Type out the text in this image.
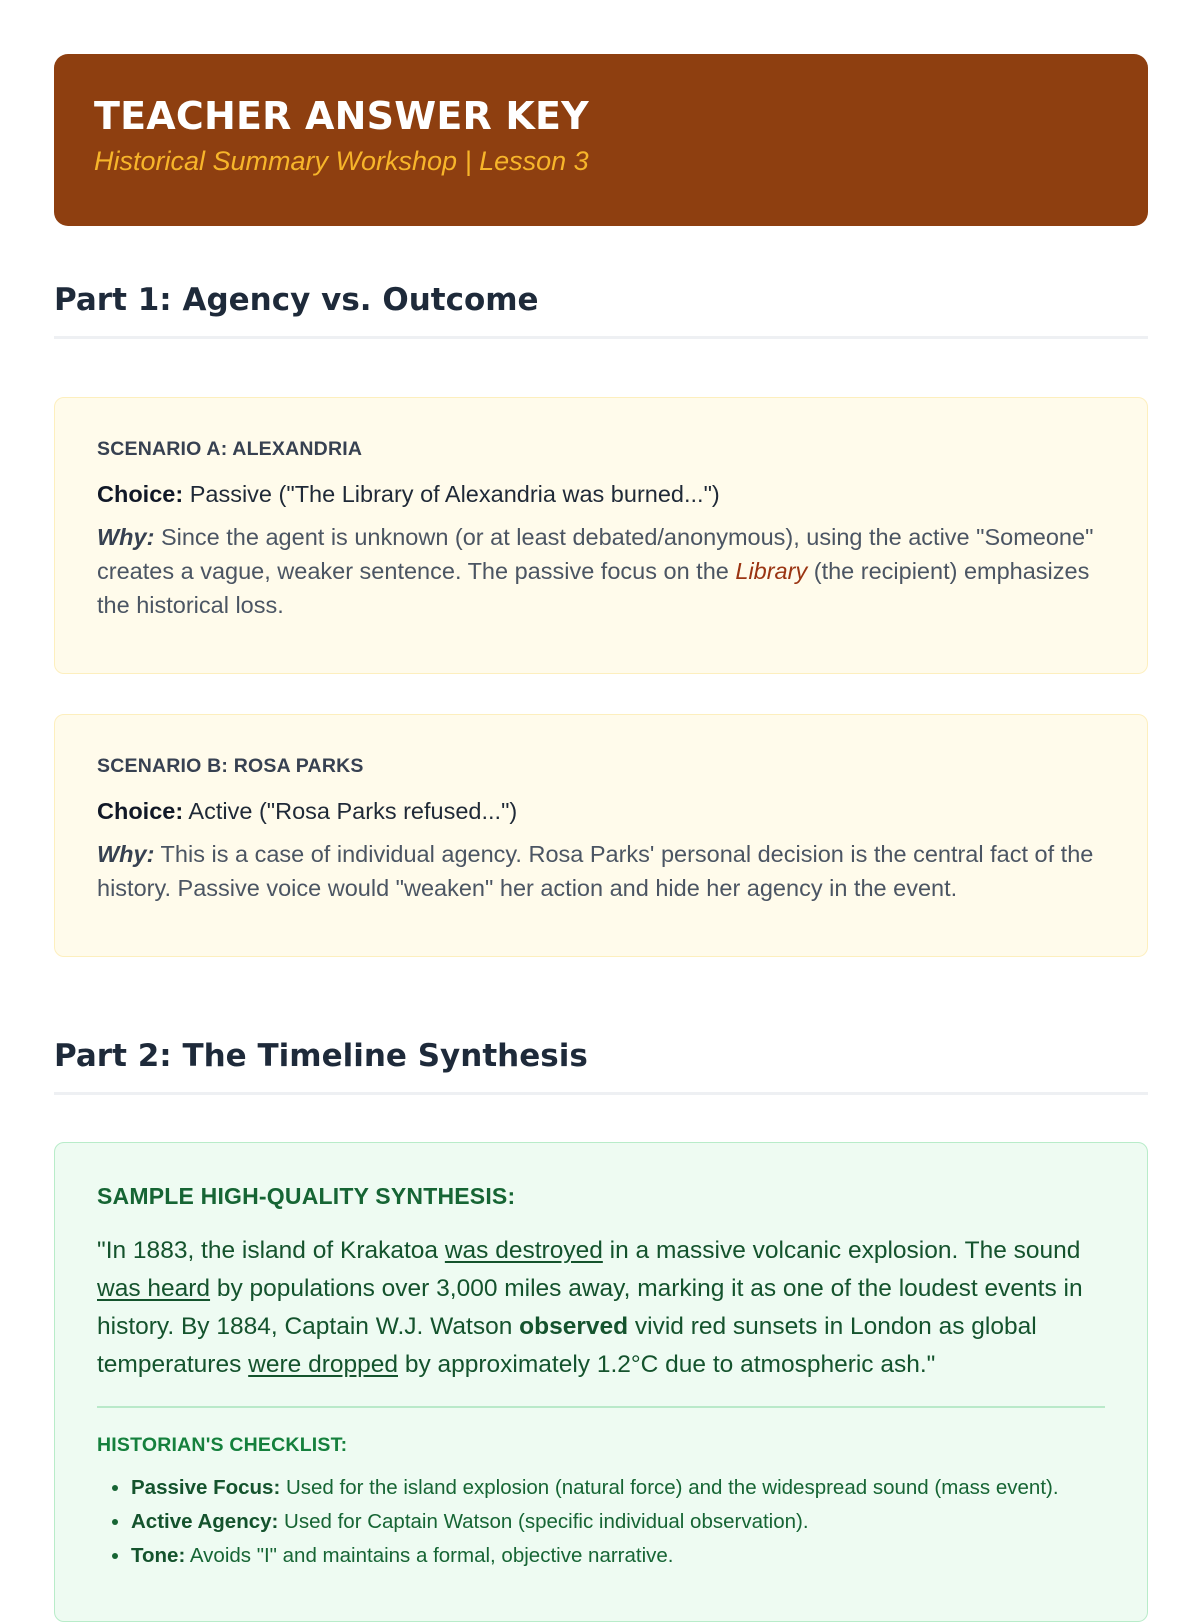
TEACHER ANSWER KEY
Historical Summary Workshop | Lesson 3
Part 1: Agency vs. Outcome
SCENARIO A: ALEXANDRIA
Choice: Passive ("The Library of Alexandria was burned...")
Why: Since the agent is unknown (or at least debated/anonymous), using the active "Someone" creates a vague, weaker sentence. The passive focus on the Library (the recipient) emphasizes the historical loss.
SCENARIO B: ROSA PARKS
Choice: Active ("Rosa Parks refused...")
Why: This is a case of individual agency. Rosa Parks' personal decision is the central fact of the history. Passive voice would "weaken" her action and hide her agency in the event.
Part 2: The Timeline Synthesis
SAMPLE HIGH-QUALITY SYNTHESIS:
"In 1883, the island of Krakatoa was destroyed in a massive volcanic explosion. The sound was heard by populations over 3,000 miles away, marking it as one of the loudest events in history. By 1884, Captain W.J. Watson observed vivid red sunsets in London as global temperatures were dropped by approximately 1.2°C due to atmospheric ash."
HISTORIAN'S CHECKLIST:
• Passive Focus: Used for the island explosion (natural force) and the widespread sound (mass event).
• Active Agency: Used for Captain Watson (specific individual observation).
• Tone: Avoids "I" and maintains a formal, objective narrative.
